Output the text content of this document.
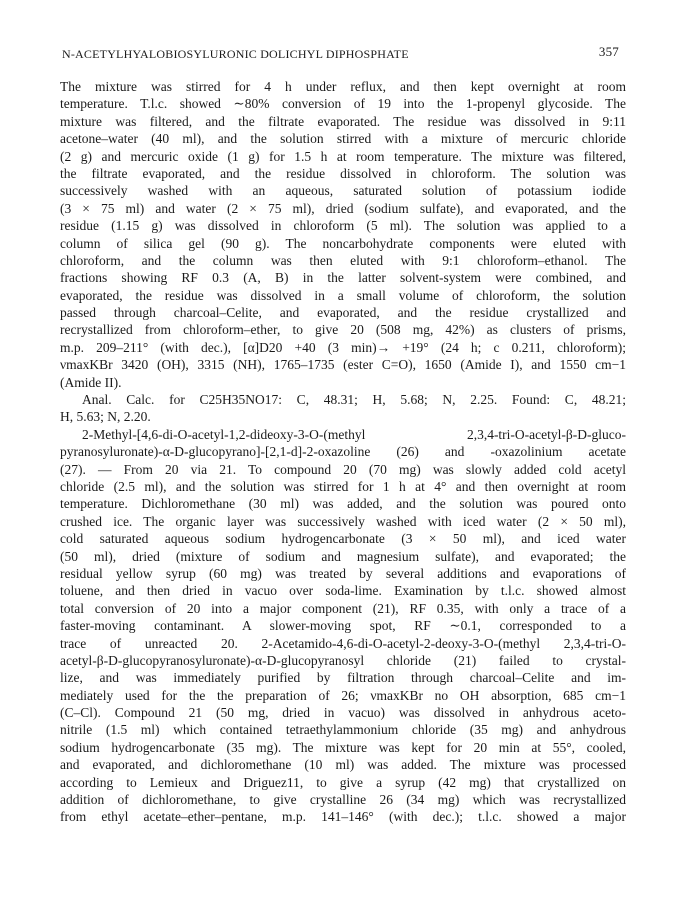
N-ACETYLHYALOBIOSYLURONIC DOLICHYL DIPHOSPHATE	357
The mixture was stirred for 4 h under reflux, and then kept overnight at room
temperature. T.l.c. showed ∼80% conversion of 19 into the 1-propenyl glycoside. The
mixture was filtered, and the filtrate evaporated. The residue was dissolved in 9:11
acetone–water (40 ml), and the solution stirred with a mixture of mercuric chloride
(2 g) and mercuric oxide (1 g) for 1.5 h at room temperature. The mixture was filtered,
the filtrate evaporated, and the residue dissolved in chloroform. The solution was
successively washed with an aqueous, saturated solution of potassium iodide
(3 × 75 ml) and water (2 × 75 ml), dried (sodium sulfate), and evaporated, and the
residue (1.15 g) was dissolved in chloroform (5 ml). The solution was applied to a
column of silica gel (90 g). The noncarbohydrate components were eluted with
chloroform, and the column was then eluted with 9:1 chloroform–ethanol. The
fractions showing RF 0.3 (A, B) in the latter solvent-system were combined, and
evaporated, the residue was dissolved in a small volume of chloroform, the solution
passed through charcoal–Celite, and evaporated, and the residue crystallized and
recrystallized from chloroform–ether, to give 20 (508 mg, 42%) as clusters of prisms,
m.p. 209–211° (with dec.), [α]D20 +40 (3 min)→ +19° (24 h; c 0.211, chloroform);
νmaxKBr 3420 (OH), 3315 (NH), 1765–1735 (ester C=O), 1650 (Amide I), and 1550 cm−1
(Amide II).
Anal. Calc. for C25H35NO17: C, 48.31; H, 5.68; N, 2.25. Found: C, 48.21;
H, 5.63; N, 2.20.
2-Methyl-[4,6-di-O-acetyl-1,2-dideoxy-3-O-(methyl 2,3,4-tri-O-acetyl-β-D-gluco-
pyranosyluronate)-α-D-glucopyrano]-[2,1-d]-2-oxazoline (26) and -oxazolinium acetate
(27). — From 20 via 21. To compound 20 (70 mg) was slowly added cold acetyl
chloride (2.5 ml), and the solution was stirred for 1 h at 4° and then overnight at room
temperature. Dichloromethane (30 ml) was added, and the solution was poured onto
crushed ice. The organic layer was successively washed with iced water (2 × 50 ml),
cold saturated aqueous sodium hydrogencarbonate (3 × 50 ml), and iced water
(50 ml), dried (mixture of sodium and magnesium sulfate), and evaporated; the
residual yellow syrup (60 mg) was treated by several additions and evaporations of
toluene, and then dried in vacuo over soda-lime. Examination by t.l.c. showed almost
total conversion of 20 into a major component (21), RF 0.35, with only a trace of a
faster-moving contaminant. A slower-moving spot, RF ∼0.1, corresponded to a
trace of unreacted 20. 2-Acetamido-4,6-di-O-acetyl-2-deoxy-3-O-(methyl 2,3,4-tri-O-
acetyl-β-D-glucopyranosyluronate)-α-D-glucopyranosyl chloride (21) failed to crystal-
lize, and was immediately purified by filtration through charcoal–Celite and im-
mediately used for the the preparation of 26; νmaxKBr no OH absorption, 685 cm−1
(C–Cl). Compound 21 (50 mg, dried in vacuo) was dissolved in anhydrous aceto-
nitrile (1.5 ml) which contained tetraethylammonium chloride (35 mg) and anhydrous
sodium hydrogencarbonate (35 mg). The mixture was kept for 20 min at 55°, cooled,
and evaporated, and dichloromethane (10 ml) was added. The mixture was processed
according to Lemieux and Driguez11, to give a syrup (42 mg) that crystallized on
addition of dichloromethane, to give crystalline 26 (34 mg) which was recrystallized
from ethyl acetate–ether–pentane, m.p. 141–146° (with dec.); t.l.c. showed a major
